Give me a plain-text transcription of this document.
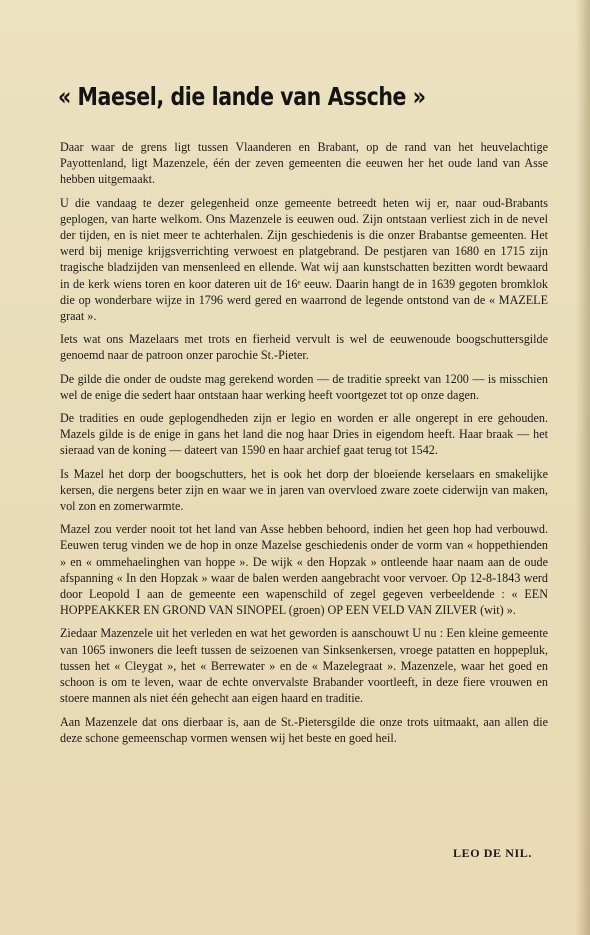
« Maesel, die lande van Assche »

Daar waar de grens ligt tussen Vlaanderen en Brabant, op de rand van het heuvelachtige Payottenland, ligt Mazenzele, één der zeven gemeenten die eeuwen her het oude land van Asse hebben uitgemaakt.

U die vandaag te dezer gelegenheid onze gemeente betreedt heten wij er, naar oud-Brabants geplogen, van harte welkom. Ons Mazenzele is eeuwen oud. Zijn ontstaan verliest zich in de nevel der tijden, en is niet meer te achterhalen. Zijn geschiedenis is die onzer Brabantse gemeenten. Het werd bij menige krijgsverrichting verwoest en platgebrand. De pestjaren van 1680 en 1715 zijn tragische bladzijden van mensenleed en ellende. Wat wij aan kunstschatten bezitten wordt bewaard in de kerk wiens toren en koor dateren uit de 16ᵉ eeuw. Daarin hangt de in 1639 gegoten bromklok die op wonderbare wijze in 1796 werd gered en waarrond de legende ontstond van de « MAZELE graat ».

Iets wat ons Mazelaars met trots en fierheid vervult is wel de eeuwenoude boogschuttersgilde genoemd naar de patroon onzer parochie St.-Pieter.

De gilde die onder de oudste mag gerekend worden — de traditie spreekt van 1200 — is misschien wel de enige die sedert haar ontstaan haar werking heeft voortgezet tot op onze dagen.

De tradities en oude geplogendheden zijn er legio en worden er alle ongerept in ere gehouden. Mazels gilde is de enige in gans het land die nog haar Dries in eigendom heeft. Haar braak — het sieraad van de koning — dateert van 1590 en haar archief gaat terug tot 1542.

Is Mazel het dorp der boogschutters, het is ook het dorp der bloeiende kerselaars en smakelijke kersen, die nergens beter zijn en waar we in jaren van overvloed zware zoete ciderwijn van maken, vol zon en zomerwarmte.

Mazel zou verder nooit tot het land van Asse hebben behoord, indien het geen hop had verbouwd. Eeuwen terug vinden we de hop in onze Mazelse geschiedenis onder de vorm van « hoppethienden » en « ommehaelinghen van hoppe ». De wijk « den Hopzak » ontleende haar naam aan de oude afspanning « In den Hopzak » waar de balen werden aangebracht voor vervoer. Op 12-8-1843 werd door Leopold I aan de gemeente een wapenschild of zegel gegeven verbeeldende : « EEN HOPPEAKKER EN GROND VAN SINOPEL (groen) OP EEN VELD VAN ZILVER (wit) ».

Ziedaar Mazenzele uit het verleden en wat het geworden is aanschouwt U nu : Een kleine gemeente van 1065 inwoners die leeft tussen de seizoenen van Sinksenkersen, vroege patatten en hoppepluk, tussen het « Cleygat », het « Berrewater » en de « Mazelegraat ». Mazenzele, waar het goed en schoon is om te leven, waar de echte onvervalste Brabander voortleeft, in deze fiere vrouwen en stoere mannen als niet één gehecht aan eigen haard en traditie.

Aan Mazenzele dat ons dierbaar is, aan de St.-Pietersgilde die onze trots uitmaakt, aan allen die deze schone gemeenschap vormen wensen wij het beste en goed heil.

LEO DE NIL.
